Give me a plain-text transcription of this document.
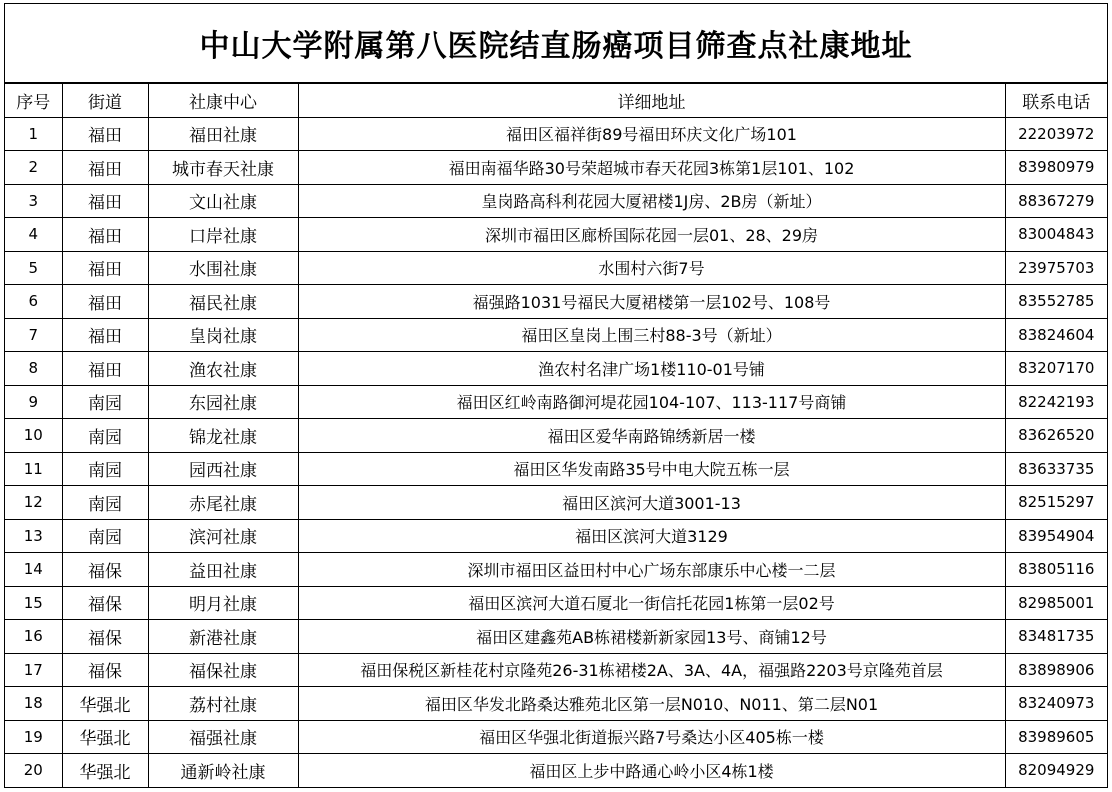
中山大学附属第八医院结直肠癌项目筛查点社康地址
序号	街道	社康中心	详细地址	联系电话
1	福田	福田社康	福田区福祥街89号福田环庆文化广场101	22203972
2	福田	城市春天社康	福田南福华路30号荣超城市春天花园3栋第1层101、102	83980979
3	福田	文山社康	皇岗路高科利花园大厦裙楼1J房、2B房（新址）	88367279
4	福田	口岸社康	深圳市福田区廊桥国际花园一层01、28、29房	83004843
5	福田	水围社康	水围村六街7号	23975703
6	福田	福民社康	福强路1031号福民大厦裙楼第一层102号、108号	83552785
7	福田	皇岗社康	福田区皇岗上围三村88-3号（新址）	83824604
8	福田	渔农社康	渔农村名津广场1楼110-01号铺	83207170
9	南园	东园社康	福田区红岭南路御河堤花园104-107、113-117号商铺	82242193
10	南园	锦龙社康	福田区爱华南路锦绣新居一楼	83626520
11	南园	园西社康	福田区华发南路35号中电大院五栋一层	83633735
12	南园	赤尾社康	福田区滨河大道3001-13	82515297
13	南园	滨河社康	福田区滨河大道3129	83954904
14	福保	益田社康	深圳市福田区益田村中心广场东部康乐中心楼一二层	83805116
15	福保	明月社康	福田区滨河大道石厦北一街信托花园1栋第一层02号	82985001
16	福保	新港社康	福田区建鑫苑AB栋裙楼新新家园13号、商铺12号	83481735
17	福保	福保社康	福田保税区新桂花村京隆苑26-31栋裙楼2A、3A、4A，福强路2203号京隆苑首层	83898906
18	华强北	荔村社康	福田区华发北路桑达雅苑北区第一层N010、N011、第二层N01	83240973
19	华强北	福强社康	福田区华强北街道振兴路7号桑达小区405栋一楼	83989605
20	华强北	通新岭社康	福田区上步中路通心岭小区4栋1楼	82094929
